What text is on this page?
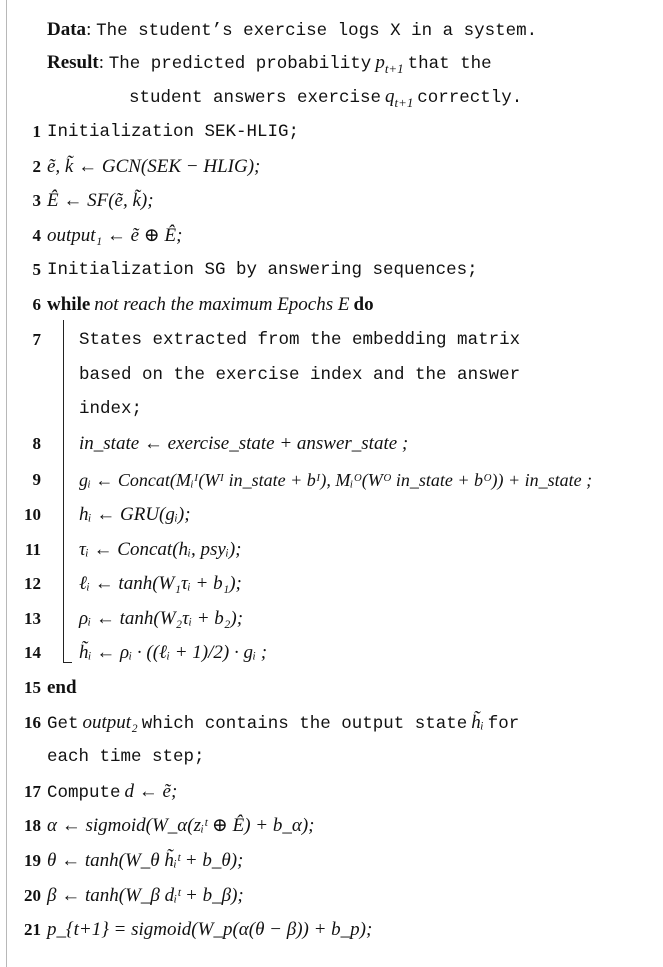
Data: The student’s exercise logs X in a system.
Result: The predicted probability $p_{t+1}$ that the
student answers exercise $q_{t+1}$ correctly.
1 Initialization SEK-HLIG;
2 ẽ, k̃ ← GCN(SEK − HLIG);
3 Ê ← SF(ẽ, k̃);
4 output₁ ← ẽ ⊕ Ê;
5 Initialization SG by answering sequences;
6 while not reach the maximum Epochs E do
7 States extracted from the embedding matrix
based on the exercise index and the answer
index;
8 in_state ← exercise_state + answer_state ;
9 gᵢ ← Concat(Mᵢᴵ(Wᴵ in_state + bᴵ), Mᵢᴼ(Wᴼ in_state + bᴼ)) + in_state ;
10 hᵢ ← GRU(gᵢ);
11 τᵢ ← Concat(hᵢ, psyᵢ);
12 ℓᵢ ← tanh(W₁τᵢ + b₁);
13 ρᵢ ← tanh(W₂τᵢ + b₂);
14 h̃ᵢ ← ρᵢ · ((ℓᵢ + 1)/2) · gᵢ ;
15 end
16 Get output₂ which contains the output state h̃ᵢ for
each time step;
17 Compute d ← ẽ;
18 α ← sigmoid(W_α(zᵢᵗ ⊕ Ê) + b_α);
19 θ ← tanh(W_θ h̃ᵢᵗ + b_θ);
20 β ← tanh(W_β dᵢᵗ + b_β);
21 p_{t+1} = sigmoid(W_p(α(θ − β)) + b_p);
